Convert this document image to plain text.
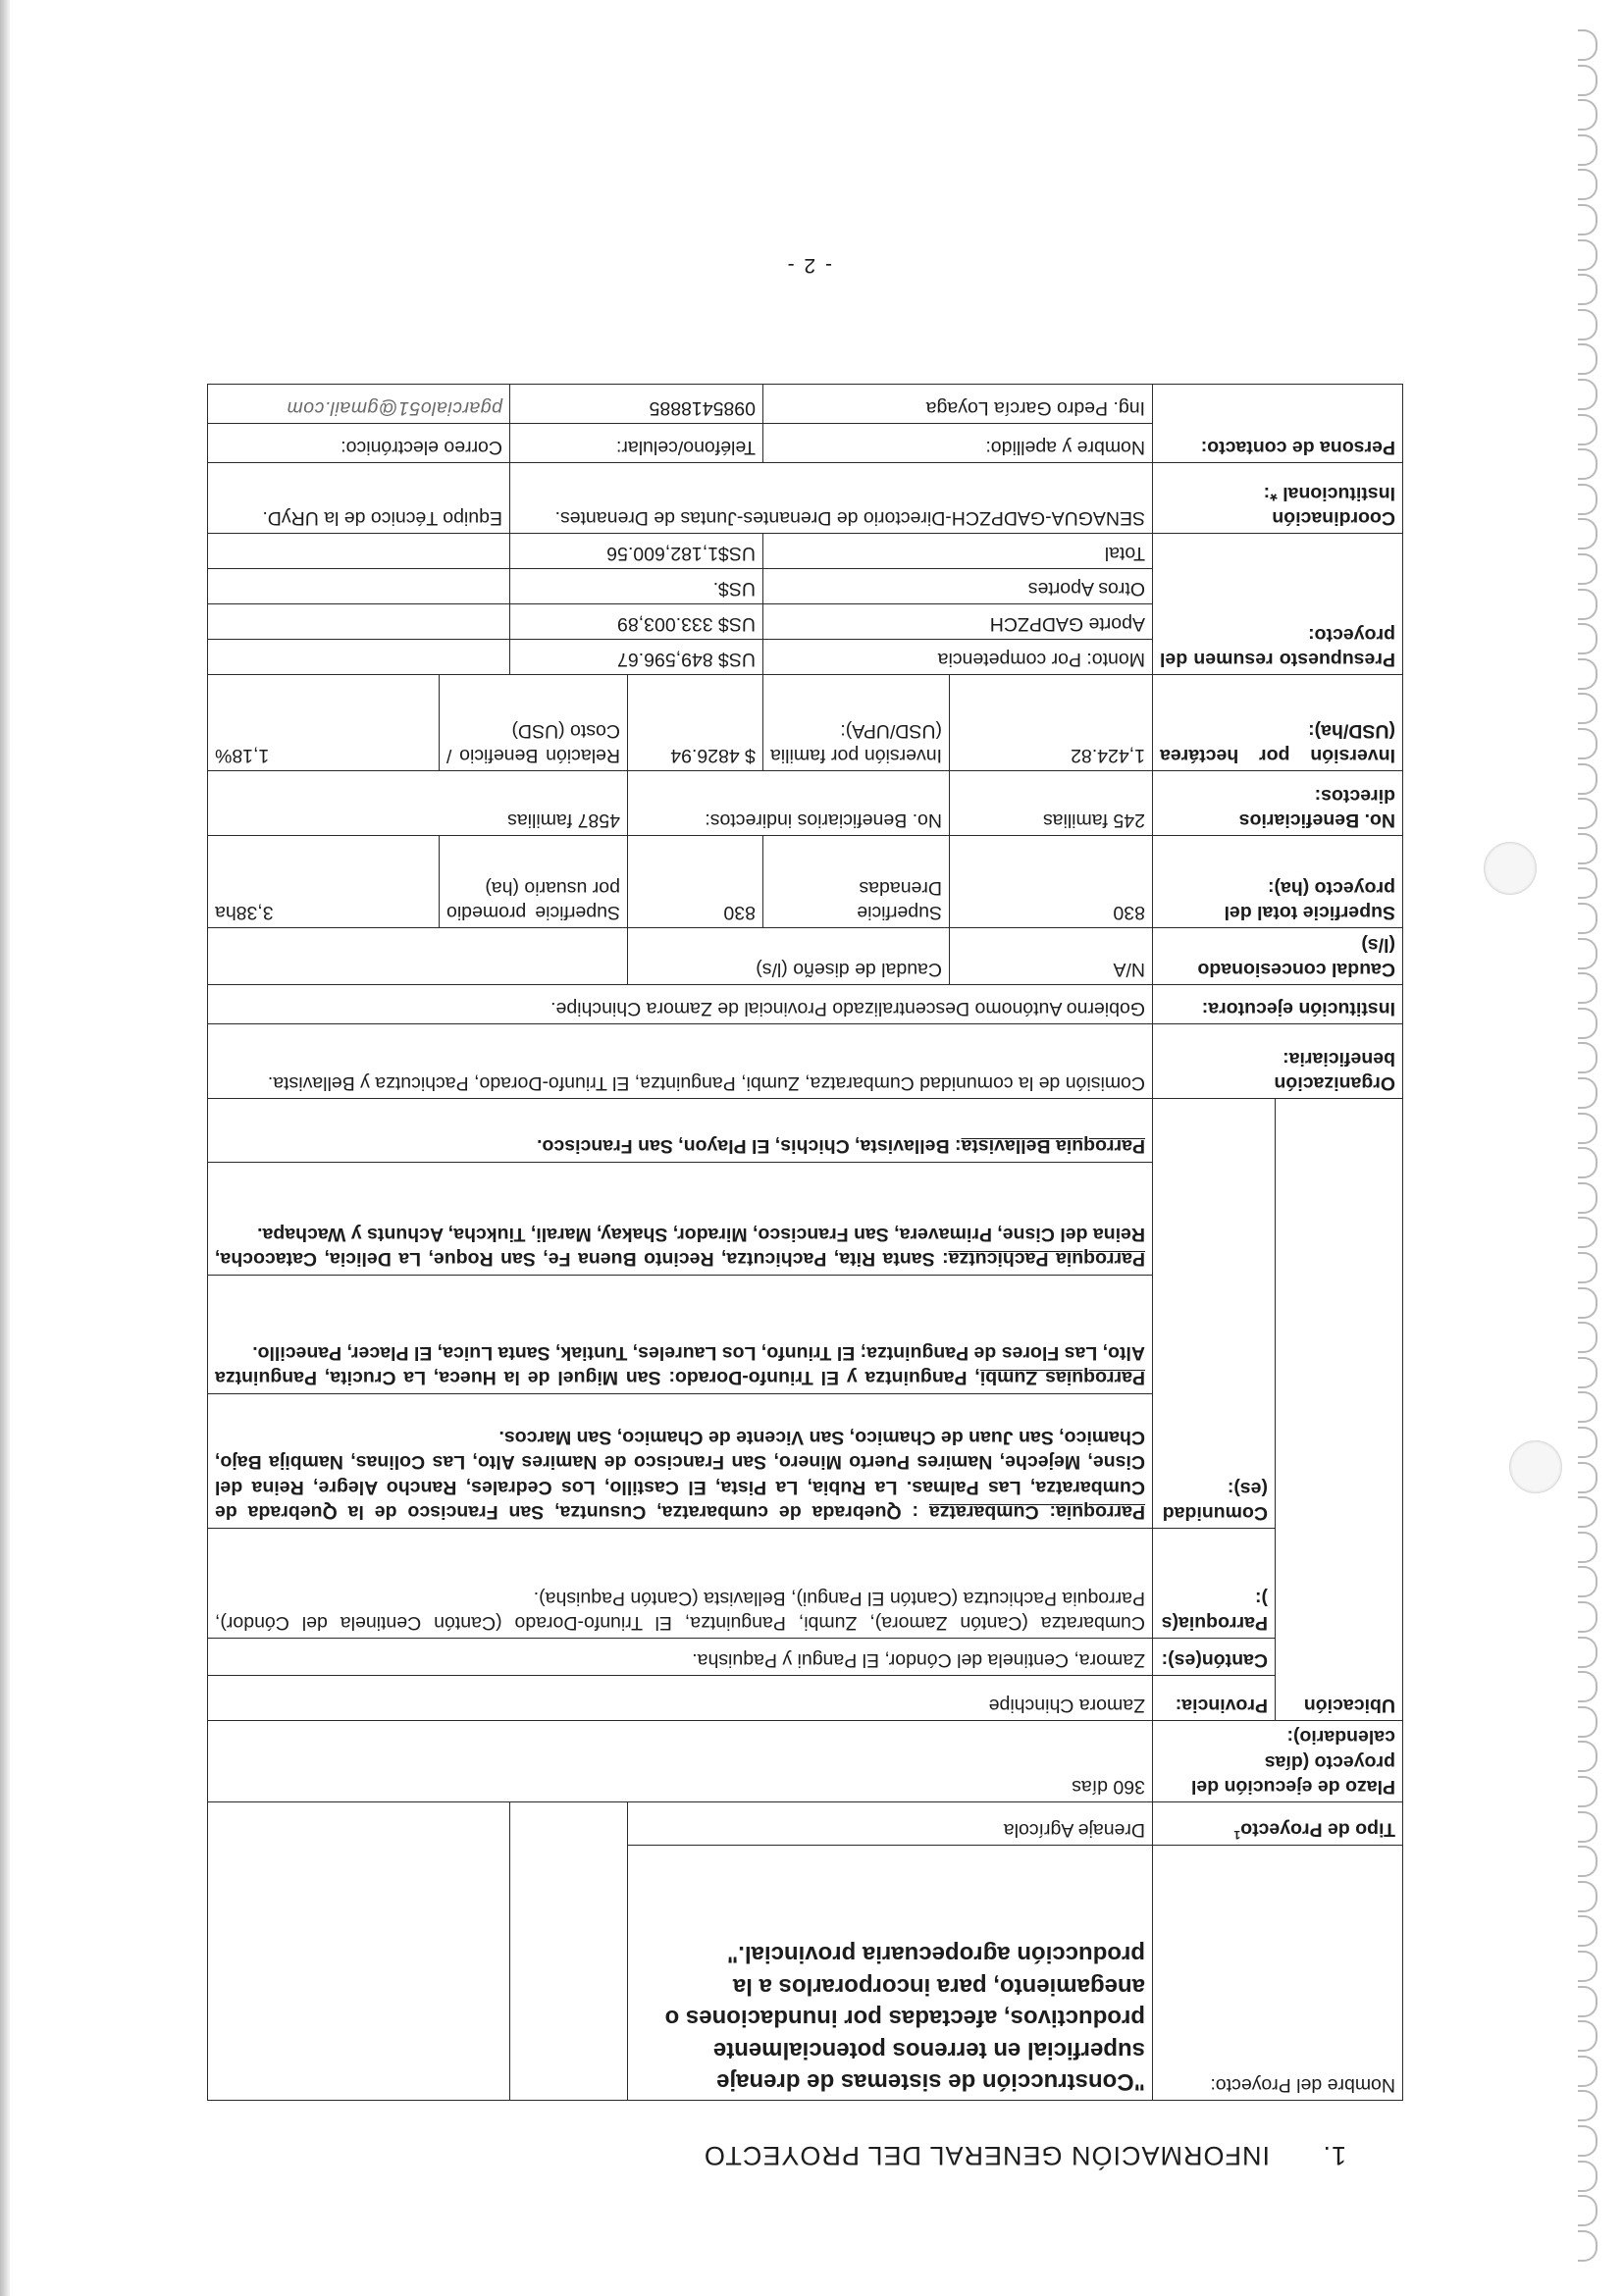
- 2 -
1.INFORMACIÓN GENERAL DEL PROYECTO
Nombre del Proyecto:		"Construcción de sistemas de drenaje superficial en terrenos potencialmente productivos, afectadas por inundaciones o anegamiento, para incorporarlos a la producción agropecuaria provincial."					
Tipo de Proyecto$^1$		Drenaje Agrícola					
Plazo de ejecución del proyecto (días calendario):		360 días					
Ubicación	Provincia:	Zamora Chinchipe					
	Cantón(es):	Zamora, Centinela del Cóndor, El Pangui y Paquisha.					
	Parroquia(s):	Cumbaratza (Cantón Zamora), Zumbi, Panguintza, El Triunfo-Dorado (Cantón Centinela del Cóndor), Parroquia Pachicutza (Cantón El Pangui), Bellavista (Cantón Paquisha).					
	Comunidad(es):	Parroquia: Cumbaratza : Quebrada de cumbaratza, Cusuntza, San Francisco de la Quebrada de Cumbaratza, Las Palmas. La Rubia, La Pista, El Castillo, Los Cedrales, Rancho Alegre, Reina del Cisne, Mejeche, Namires Puerto Minero, San Francisco de Namires Alto, Las Colinas, Nambija Bajo, Chamico, San Juan de Chamico, San Vicente de Chamico, San Marcos.
Parroquias Zumbi, Panguintza y El Triunfo-Dorado: San Miguel de la Hueca, La Crucita, Panguintza Alto, Las Flores de Panguintza; El Triunfo, Los Laureles, Tuntiak, Santa Luica, El Placer, Panecillo.
Parroquia Pachicutza: Santa Rita, Pachicutza, Recinto Buena Fe, San Roque, La Delicia, Catacocha, Reina del Cisne, Primavera, San Francisco, Mirador, Shakay, Marali, Tiukcha, Achunts y Wachapa.
Parroquia Bellavista: Bellavista, Chichis, El Playon, San Francisco.					

Organización beneficiaria:		Comisión de la comunidad Cumbaratza, Zumbi, Panguintza, El Triunfo-Dorado, Pachicutza y Bellavista.					
Institución ejecutora:		Gobierno Autónomo Descentralizado Provincial de Zamora Chinchipe.					
Caudal concesionado (l/s)		N/A	Caudal de diseño (l/s)				
Superficie total del proyecto (ha):		830	Superficie Drenadas	830	Superficie promedio por usuario (ha)		3,38ha
No. Beneficiarios directos:		245 familias	No. Beneficiarios indirectos:		4587 familias		
Inversión por hectárea (USD/ha):		1,424.82	Inversión por familia (USD/UPA):	$ 4826.94	Relación Beneficio / Costo (USD)		1,18%
Presupuesto resumen del proyecto:		Monto: Por competencia		US$ 849,596.67			
		Aporte GADPZCH		US$ 333.003,89			
		Otros Aportes		US$.			
		Total		US$1,182,600.56			
Coordinación Institucional *:		SENAGUA-GADPZCH-Directorio de Drenantes-Juntas de Drenantes.				Equipo Técnico de la URyD.	
Persona de contacto:		Nombre y apellido:		Teléfono/celular:		Correo electrónico:	
		Ing. Pedro García Loyaga		0985418885		pgarcialo51@gmail.com	
